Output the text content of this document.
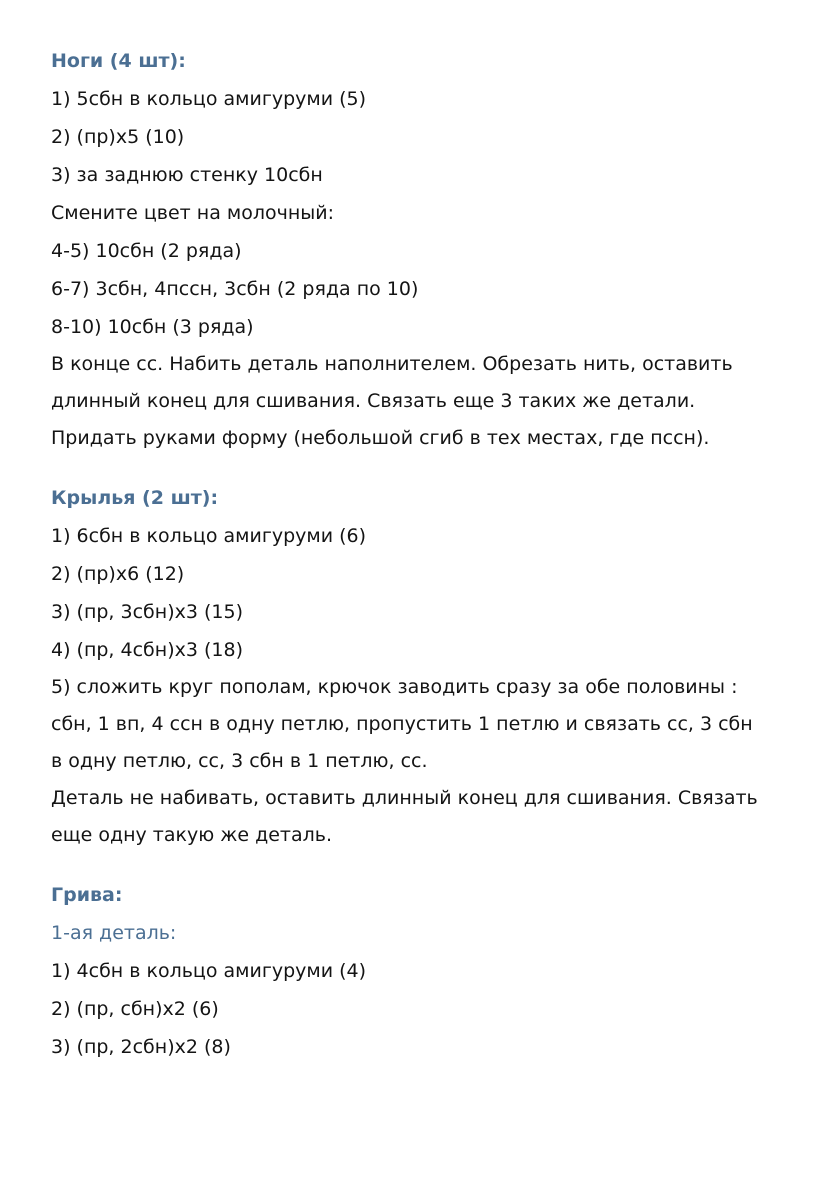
Ноги (4 шт):

1) 5сбн в кольцо амигуруми (5)

2) (пр)x5 (10)

3) за заднюю стенку 10сбн

Смените цвет на молочный:

4-5) 10сбн (2 ряда)

6-7) 3сбн, 4пссн, 3сбн (2 ряда по 10)

8-10) 10сбн (3 ряда)

В конце сс. Набить деталь наполнителем. Обрезать нить, оставить
длинный конец для сшивания. Связать еще 3 таких же детали.
Придать руками форму (небольшой сгиб в тех местах, где пссн).

Крылья (2 шт):

1) 6сбн в кольцо амигуруми (6)

2) (пр)x6 (12)

3) (пр, 3сбн)x3 (15)

4) (пр, 4сбн)x3 (18)

5) сложить круг пополам, крючок заводить сразу за обе половины :
сбн, 1 вп, 4 ссн в одну петлю, пропустить 1 петлю и связать сс, 3 сбн
в одну петлю, сс, 3 сбн в 1 петлю, сс.
Деталь не набивать, оставить длинный конец для сшивания. Связать
еще одну такую же деталь.

Грива:

1-ая деталь:

1) 4сбн в кольцо амигуруми (4)

2) (пр, сбн)x2 (6)

3) (пр, 2сбн)x2 (8)
